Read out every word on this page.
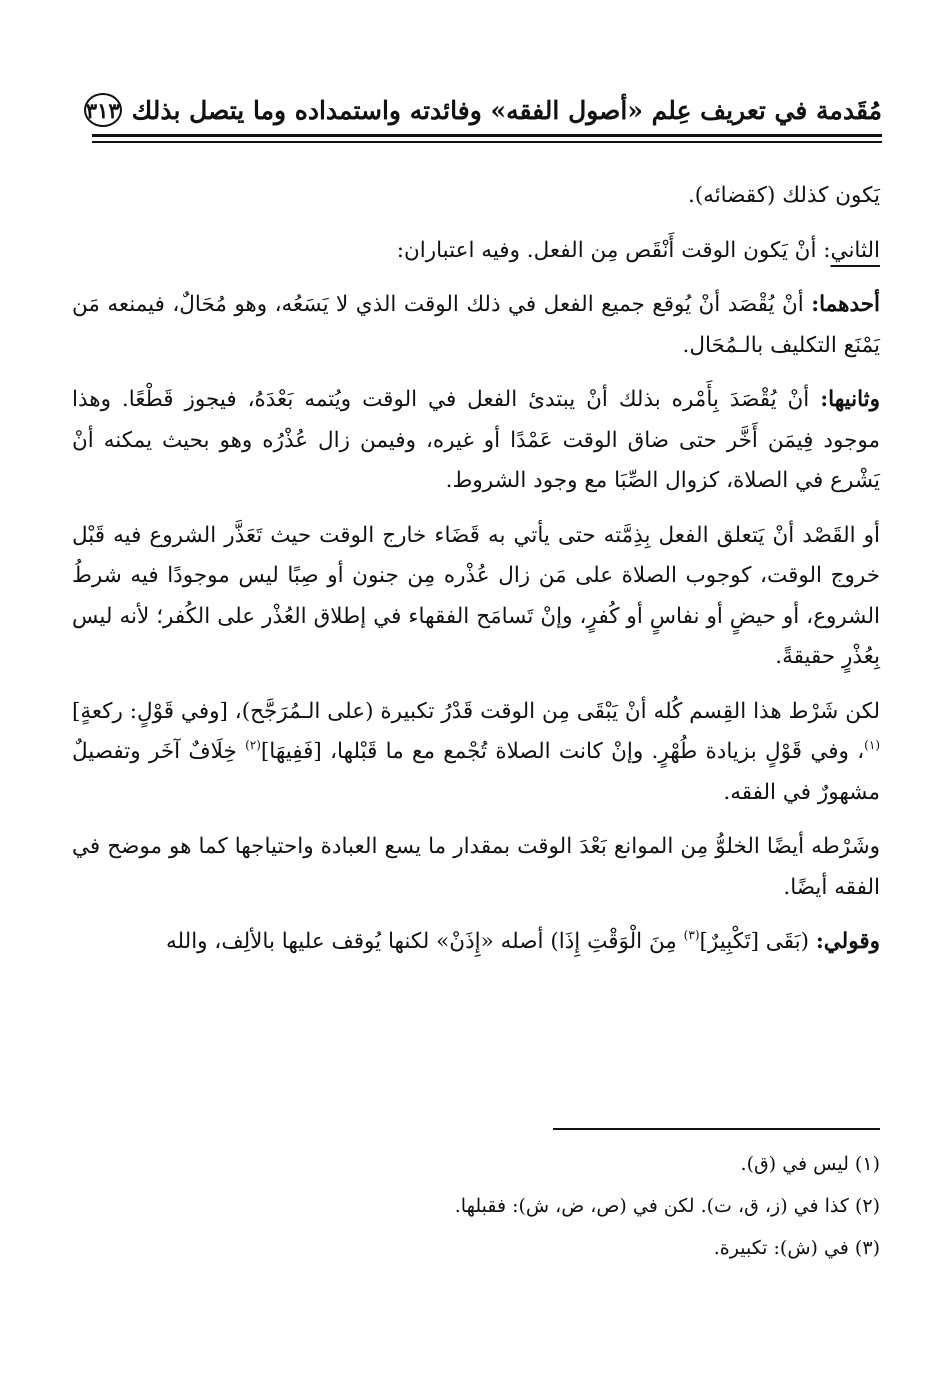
مُقَدمة في تعريف عِلم «أصول الفقه» وفائدته واستمداده وما يتصل بذلك
٣١٣

يَكون كذلك (كقضائه).

الثاني: أنْ يَكون الوقت أَنْقَص مِن الفعل. وفيه اعتباران:

أحدهما: أنْ يُقْصَد أنْ يُوقع جميع الفعل في ذلك الوقت الذي لا يَسَعُه، وهو مُحَالٌ، فيمنعه مَن يَمْنَع التكليف بالـمُحَال.

وثانيها: أنْ يُقْصَدَ بِأَمْره بذلك أنْ يبتدئ الفعل في الوقت ويُتمه بَعْدَهُ، فيجوز قَطْعًا. وهذا موجود فِيمَن أَخَّر حتى ضاق الوقت عَمْدًا أو غيره، وفيمن زال عُذْرُه وهو بحيث يمكنه أنْ يَشْرع في الصلاة، كزوال الصِّبَا مع وجود الشروط.

أو القَصْد أنْ يَتعلق الفعل بِذِمَّته حتى يأتي به قَضَاء خارج الوقت حيث تَعَذَّر الشروع فيه قَبْل خروج الوقت، كوجوب الصلاة على مَن زال عُذْره مِن جنون أو صِبًا ليس موجودًا فيه شرطُ الشروع، أو حيضٍ أو نفاسٍ أو كُفرٍ، وإنْ تَسامَح الفقهاء في إطلاق العُذْر على الكُفر؛ لأنه ليس بِعُذْرٍ حقيقةً.

لكن شَرْط هذا القِسم كُله أنْ يَبْقَى مِن الوقت قَدْرُ تكبيرة (على الـمُرَجَّح)، [وفي قَوْلٍ: ركعةٍ]$^{(١)}$، وفي قَوْلٍ بزيادة طُهْرٍ. وإنْ كانت الصلاة تُجْمع مع ما قَبْلها، [فَفِيهَا]$^{(٢)}$ خِلَافٌ آخَر وتفصيلٌ مشهورٌ في الفقه.

وشَرْطه أيضًا الخلوُّ مِن الموانع بَعْدَ الوقت بمقدار ما يسع العبادة واحتياجها كما هو موضح في الفقه أيضًا.

وقولي: (بَقَى [تَكْبِيرٌ]$^{(٣)}$ مِنَ الْوَقْتِ إِذَا) أصله «إِذَنْ» لكنها يُوقف عليها بالألِف، والله

(١) ليس في (ق).

(٢) كذا في (ز، ق، ت). لكن في (ص، ض، ش): فقبلها.

(٣) في (ش): تكبيرة.
